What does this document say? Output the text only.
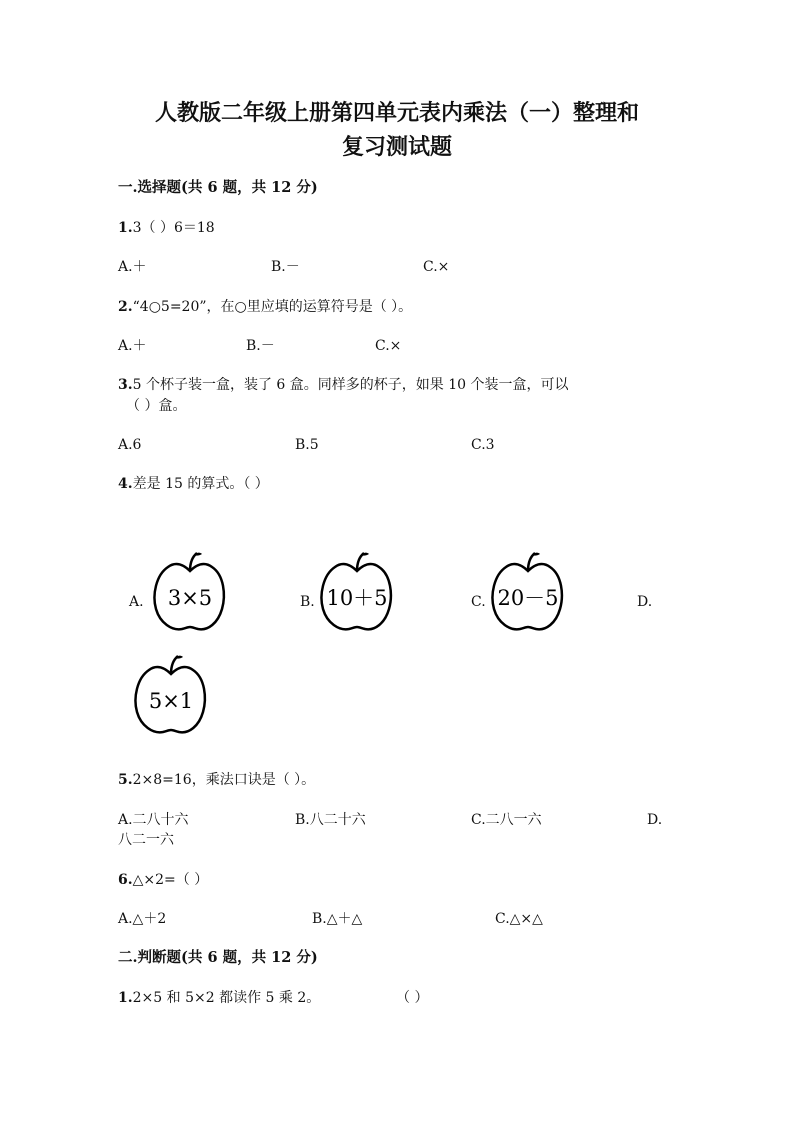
人教版二年级上册第四单元表内乘法（一）整理和
复习测试题
一.选择题(共 6 题，共 12 分)
1.3（ ）6＝18
A.＋	B.－	C.×
2.“4○5=20”，在○里应填的运算符号是（ ）。
A.＋	B.－	C.×
3.5 个杯子装一盒，装了 6 盒。同样多的杯子，如果 10 个装一盒，可以
（ ）盒。
A.6	B.5	C.3
4.差是 15 的算式。（ ）
A.	3×5	B. 10＋5	C. 20－5	D.
5×1
5.2×8=16，乘法口诀是（ ）。
A.二八十六	B.八二十六	C.二八一六	D.
八二一六
6.△×2=（ ）
A.△＋2	B.△＋△	C.△×△
二.判断题(共 6 题，共 12 分)
1.2×5 和 5×2 都读作 5 乘 2。	（ ）
